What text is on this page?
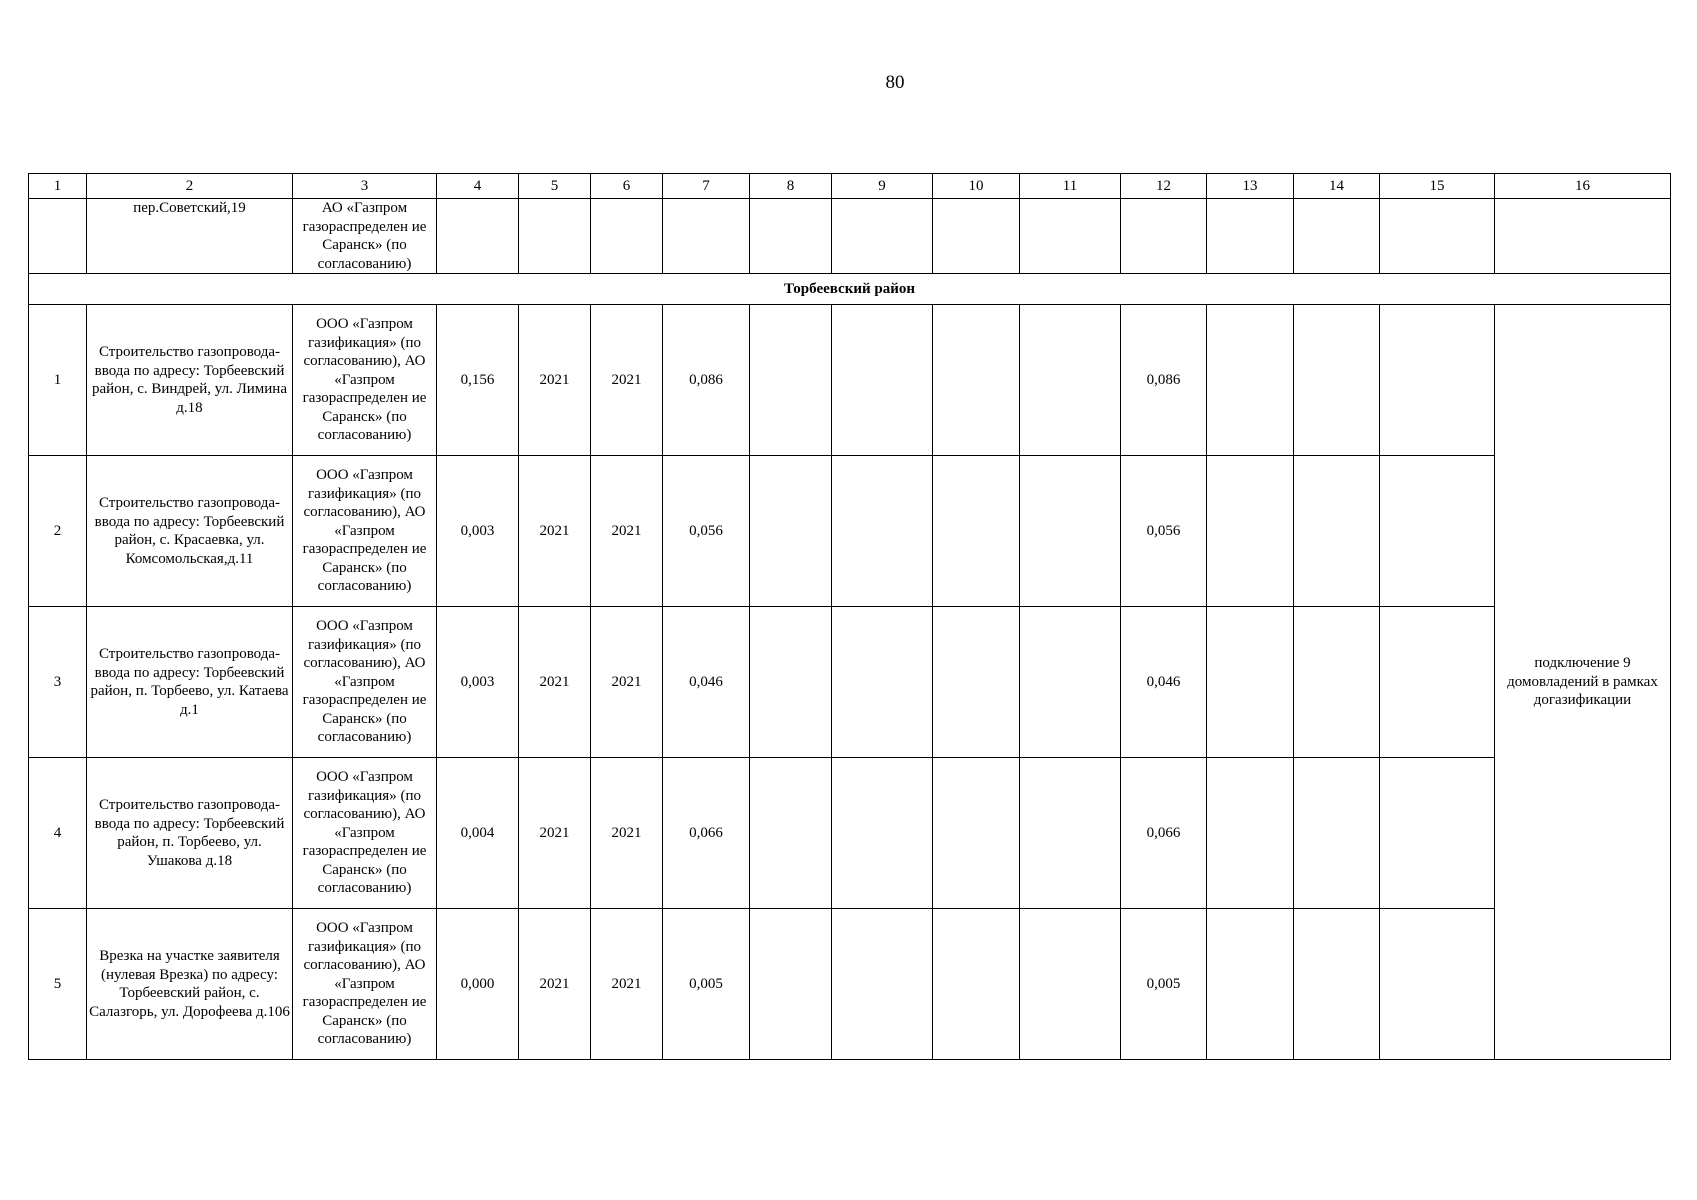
80
1	2	3	4	5	6	7	8	9	10	11	12	13	14	15	16
	пер.Советский,19	АО «Газпром газораспределен ие Саранск» (по согласованию)													
Торбеевский район															
1	Строительство газопровода-ввода по адресу: Торбеевский район, с. Виндрей, ул. Лимина д.18	ООО «Газпром газификация» (по согласованию), АО «Газпром газораспределен ие Саранск» (по согласованию)	0,156	2021	2021	0,086					0,086				подключение 9 домовладений в рамках догазификации
2	Строительство газопровода-ввода по адресу: Торбеевский район, с. Красаевка, ул. Комсомольская,д.11	ООО «Газпром газификация» (по согласованию), АО «Газпром газораспределен ие Саранск» (по согласованию)	0,003	2021	2021	0,056					0,056				
3	Строительство газопровода-ввода по адресу: Торбеевский район, п. Торбеево, ул. Катаева д.1	ООО «Газпром газификация» (по согласованию), АО «Газпром газораспределен ие Саранск» (по согласованию)	0,003	2021	2021	0,046					0,046				
4	Строительство газопровода-ввода по адресу: Торбеевский район, п. Торбеево, ул. Ушакова д.18	ООО «Газпром газификация» (по согласованию), АО «Газпром газораспределен ие Саранск» (по согласованию)	0,004	2021	2021	0,066					0,066				
5	Врезка на участке заявителя (нулевая Врезка) по адресу: Торбеевский район, с. Салазгорь, ул. Дорофеева д.106	ООО «Газпром газификация» (по согласованию), АО «Газпром газораспределен ие Саранск» (по согласованию)	0,000	2021	2021	0,005					0,005				
